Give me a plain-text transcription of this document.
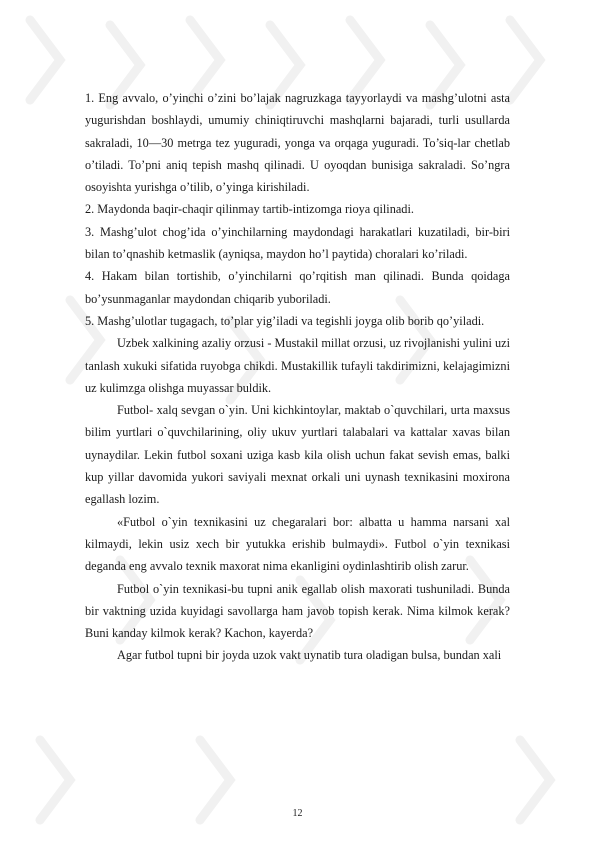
1. Eng avvalo, o’yinchi o’zini bo’lajak nagruzkaga tayyorlaydi va mashg’ulotni asta yugurishdan boshlaydi, umumiy chiniqtiruvchi mashqlarni bajaradi, turli usullarda sakraladi, 10—30 metrga tez yuguradi, yonga va orqaga yuguradi. To’siq-lar chetlab o’tiladi. To’pni aniq tepish mashq qilinadi. U oyoqdan bunisiga sakraladi. So’ngra osoyishta yurishga o’tilib, o’yinga kirishiladi.

2. Maydonda baqir-chaqir qilinmay tartib-intizomga rioya qilinadi.

3. Mashg’ulot chog’ida o’yinchilarning maydondagi harakatlari kuzatiladi, bir-biri bilan to’qnashib ketmaslik (ayniqsa, maydon ho’l paytida) choralari ko’riladi.

4. Hakam bilan tortishib, o’yinchilarni qo’rqitish man qilinadi. Bunda qoidaga bo’ysunmaganlar maydondan chiqarib yuboriladi.

5. Mashg’ulotlar tugagach, to’plar yig’iladi va tegishli joyga olib borib qo’yiladi.

Uzbek xalkining azaliy orzusi - Mustakil millat orzusi, uz rivojlanishi yulini uzi tanlash xukuki sifatida ruyobga chikdi. Mustakillik tufayli takdirimizni, kelajagimizni uz kulimzga olishga muyassar buldik.

Futbol- xalq sevgan o`yin. Uni kichkintoylar, maktab o`quvchilari, urta maxsus bilim yurtlari o`quvchilarining, oliy ukuv yurtlari talabalari va kattalar xavas bilan uynaydilar. Lekin futbol soxani uziga kasb kila olish uchun fakat sevish emas, balki kup yillar davomida yukori saviyali mexnat orkali uni uynash texnikasini moxirona egallash lozim.

«Futbol o`yin texnikasini uz chegaralari bor: albatta u hamma narsani xal kilmaydi, lekin usiz xech bir yutukka erishib bulmaydi». Futbol o`yin texnikasi deganda eng avvalo texnik maxorat nima ekanligini oydinlashtirib olish zarur.

Futbol o`yin texnikasi-bu tupni anik egallab olish maxorati tushuniladi. Bunda bir vaktning uzida kuyidagi savollarga ham javob topish kerak. Nima kilmok kerak? Buni kanday kilmok kerak? Kachon, kayerda?

Agar futbol tupni bir joyda uzok vakt uynatib tura oladigan bulsa, bundan xali

12
